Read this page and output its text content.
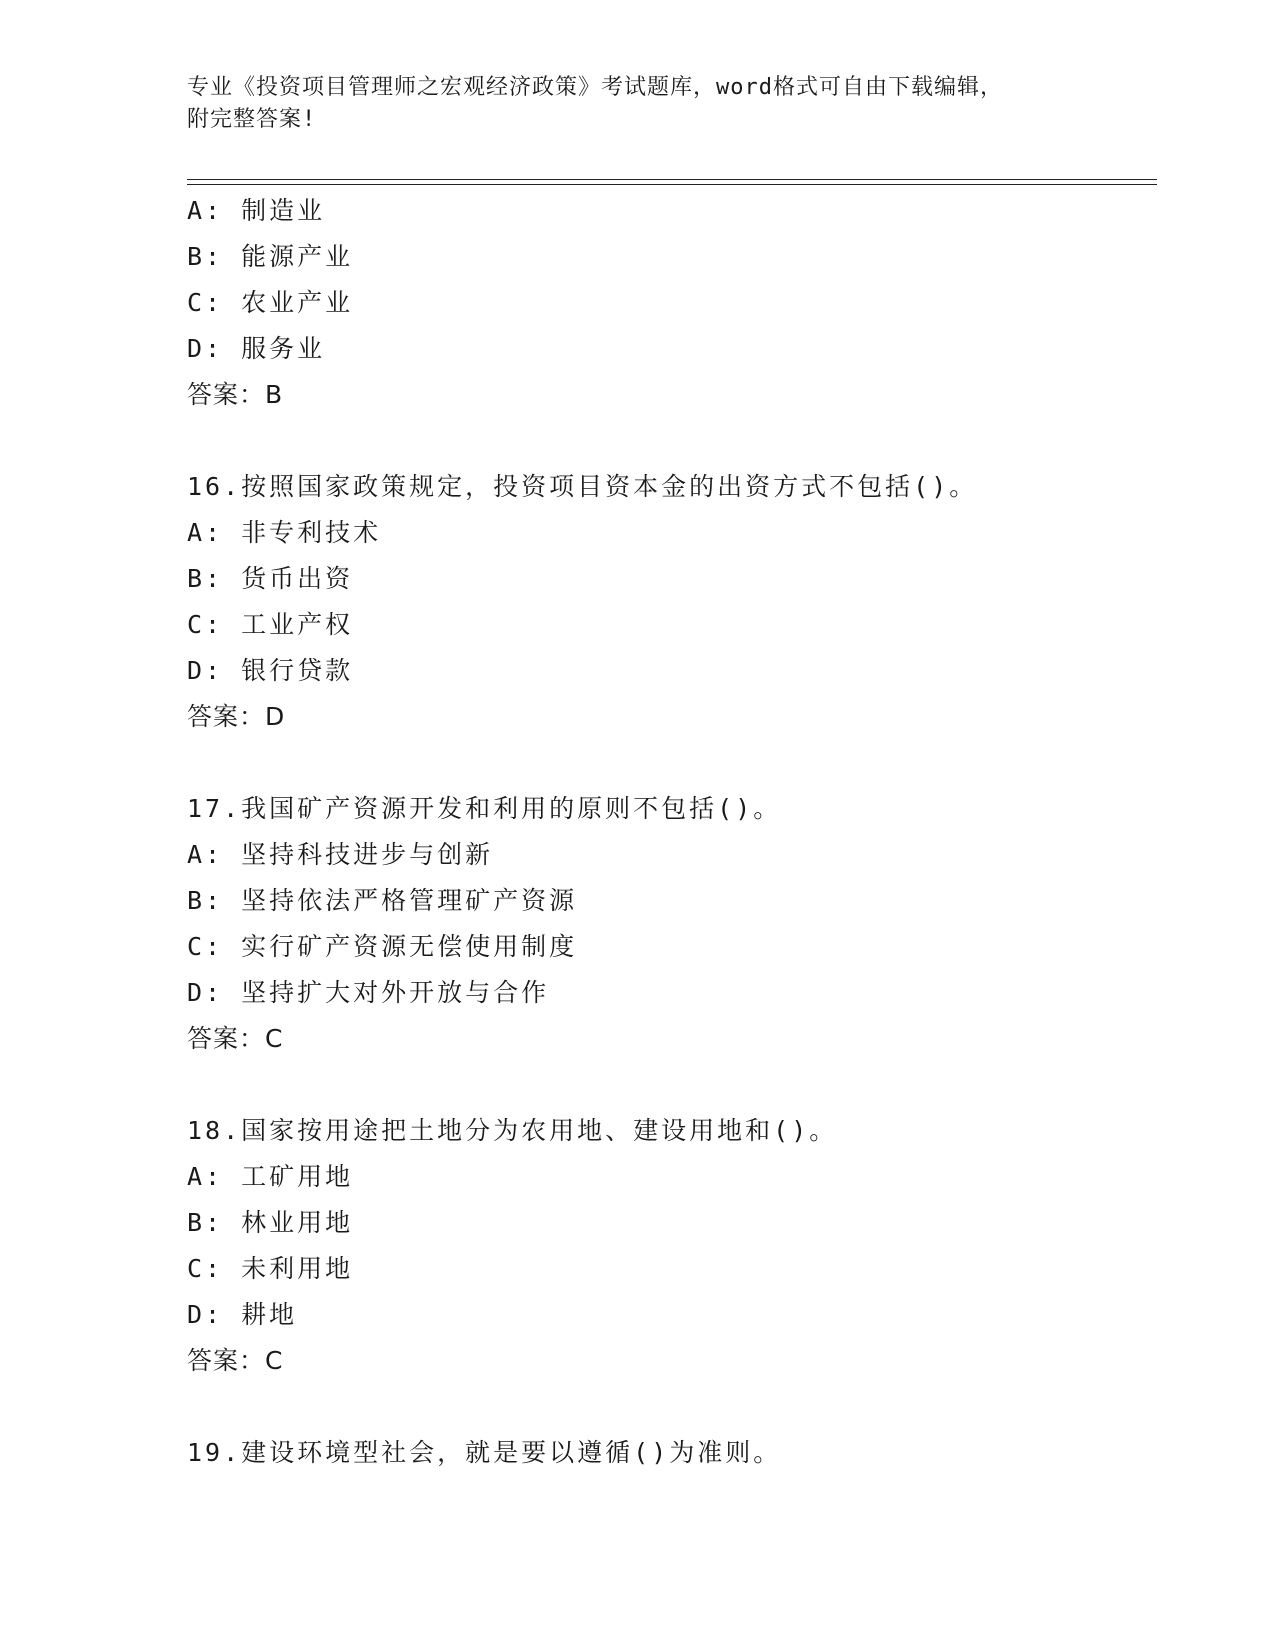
专业《投资项目管理师之宏观经济政策》考试题库，word格式可自由下载编辑，
附完整答案!
A: 制造业
B: 能源产业
C: 农业产业
D: 服务业
答案：B
16.按照国家政策规定，投资项目资本金的出资方式不包括()。
A: 非专利技术
B: 货币出资
C: 工业产权
D: 银行贷款
答案：D
17.我国矿产资源开发和利用的原则不包括()。
A: 坚持科技进步与创新
B: 坚持依法严格管理矿产资源
C: 实行矿产资源无偿使用制度
D: 坚持扩大对外开放与合作
答案：C
18.国家按用途把土地分为农用地、建设用地和()。
A: 工矿用地
B: 林业用地
C: 未利用地
D: 耕地
答案：C
19.建设环境型社会，就是要以遵循()为准则。
